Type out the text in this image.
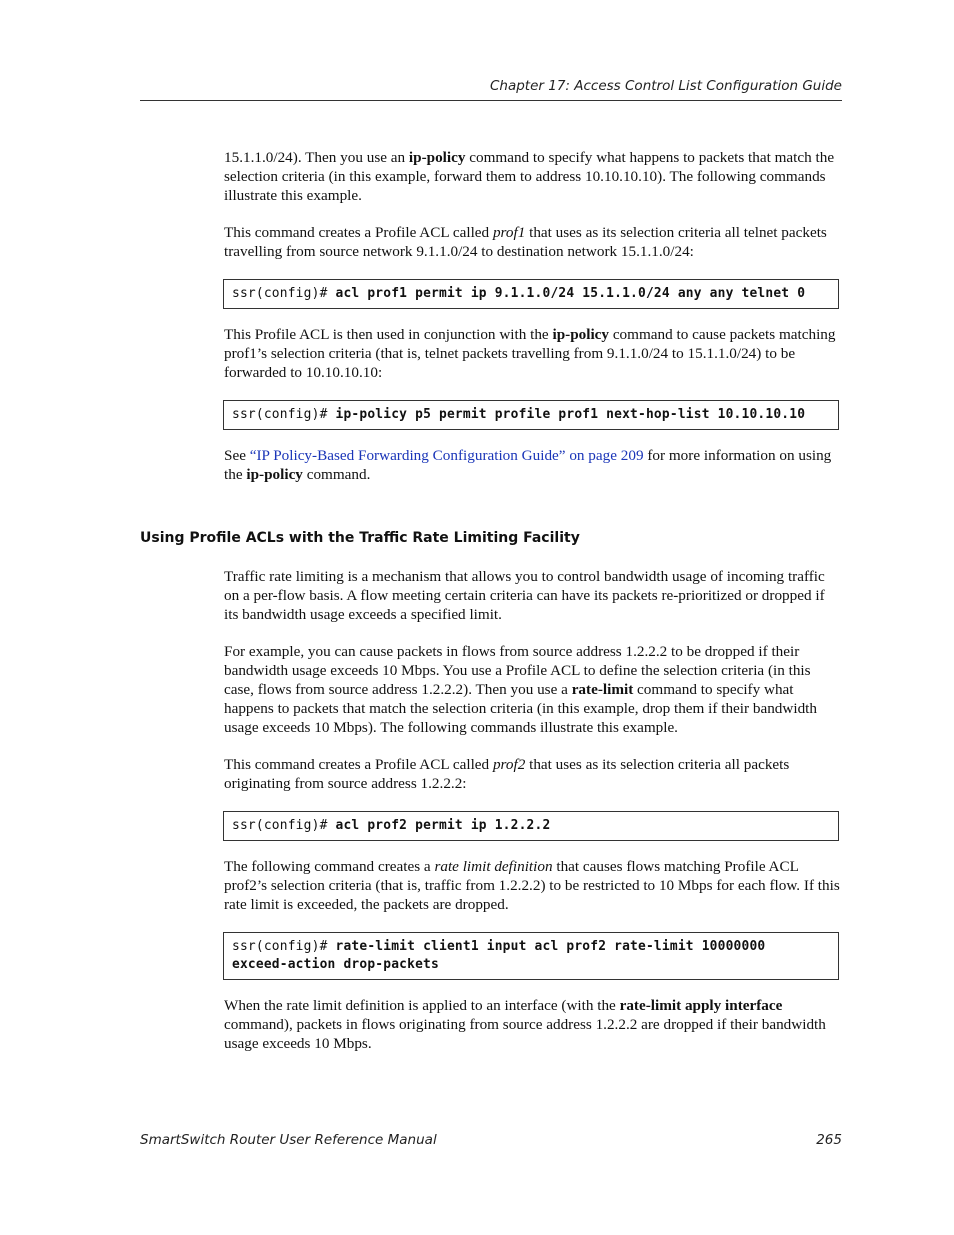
Chapter 17: Access Control List Configuration Guide

15.1.1.0/24). Then you use an ip-policy command to specify what happens to packets that match the selection criteria (in this example, forward them to address 10.10.10.10). The following commands illustrate this example.

This command creates a Profile ACL called prof1 that uses as its selection criteria all telnet packets travelling from source network 9.1.1.0/24 to destination network 15.1.1.0/24:

ssr(config)# acl prof1 permit ip 9.1.1.0/24 15.1.1.0/24 any any telnet 0

This Profile ACL is then used in conjunction with the ip-policy command to cause packets matching prof1’s selection criteria (that is, telnet packets travelling from 9.1.1.0/24 to 15.1.1.0/24) to be forwarded to 10.10.10.10:

ssr(config)# ip-policy p5 permit profile prof1 next-hop-list 10.10.10.10

See “IP Policy-Based Forwarding Configuration Guide” on page 209 for more information on using the ip-policy command.

Using Profile ACLs with the Traffic Rate Limiting Facility

Traffic rate limiting is a mechanism that allows you to control bandwidth usage of incoming traffic on a per-flow basis. A flow meeting certain criteria can have its packets re-prioritized or dropped if its bandwidth usage exceeds a specified limit.

For example, you can cause packets in flows from source address 1.2.2.2 to be dropped if their bandwidth usage exceeds 10 Mbps. You use a Profile ACL to define the selection criteria (in this case, flows from source address 1.2.2.2). Then you use a rate-limit command to specify what happens to packets that match the selection criteria (in this example, drop them if their bandwidth usage exceeds 10 Mbps). The following commands illustrate this example.

This command creates a Profile ACL called prof2 that uses as its selection criteria all packets originating from source address 1.2.2.2:

ssr(config)# acl prof2 permit ip 1.2.2.2

The following command creates a rate limit definition that causes flows matching Profile ACL prof2’s selection criteria (that is, traffic from 1.2.2.2) to be restricted to 10 Mbps for each flow. If this rate limit is exceeded, the packets are dropped.

ssr(config)# rate-limit client1 input acl prof2 rate-limit 10000000
exceed-action drop-packets

When the rate limit definition is applied to an interface (with the rate-limit apply interface command), packets in flows originating from source address 1.2.2.2 are dropped if their bandwidth usage exceeds 10 Mbps.

SmartSwitch Router User Reference Manual	265
